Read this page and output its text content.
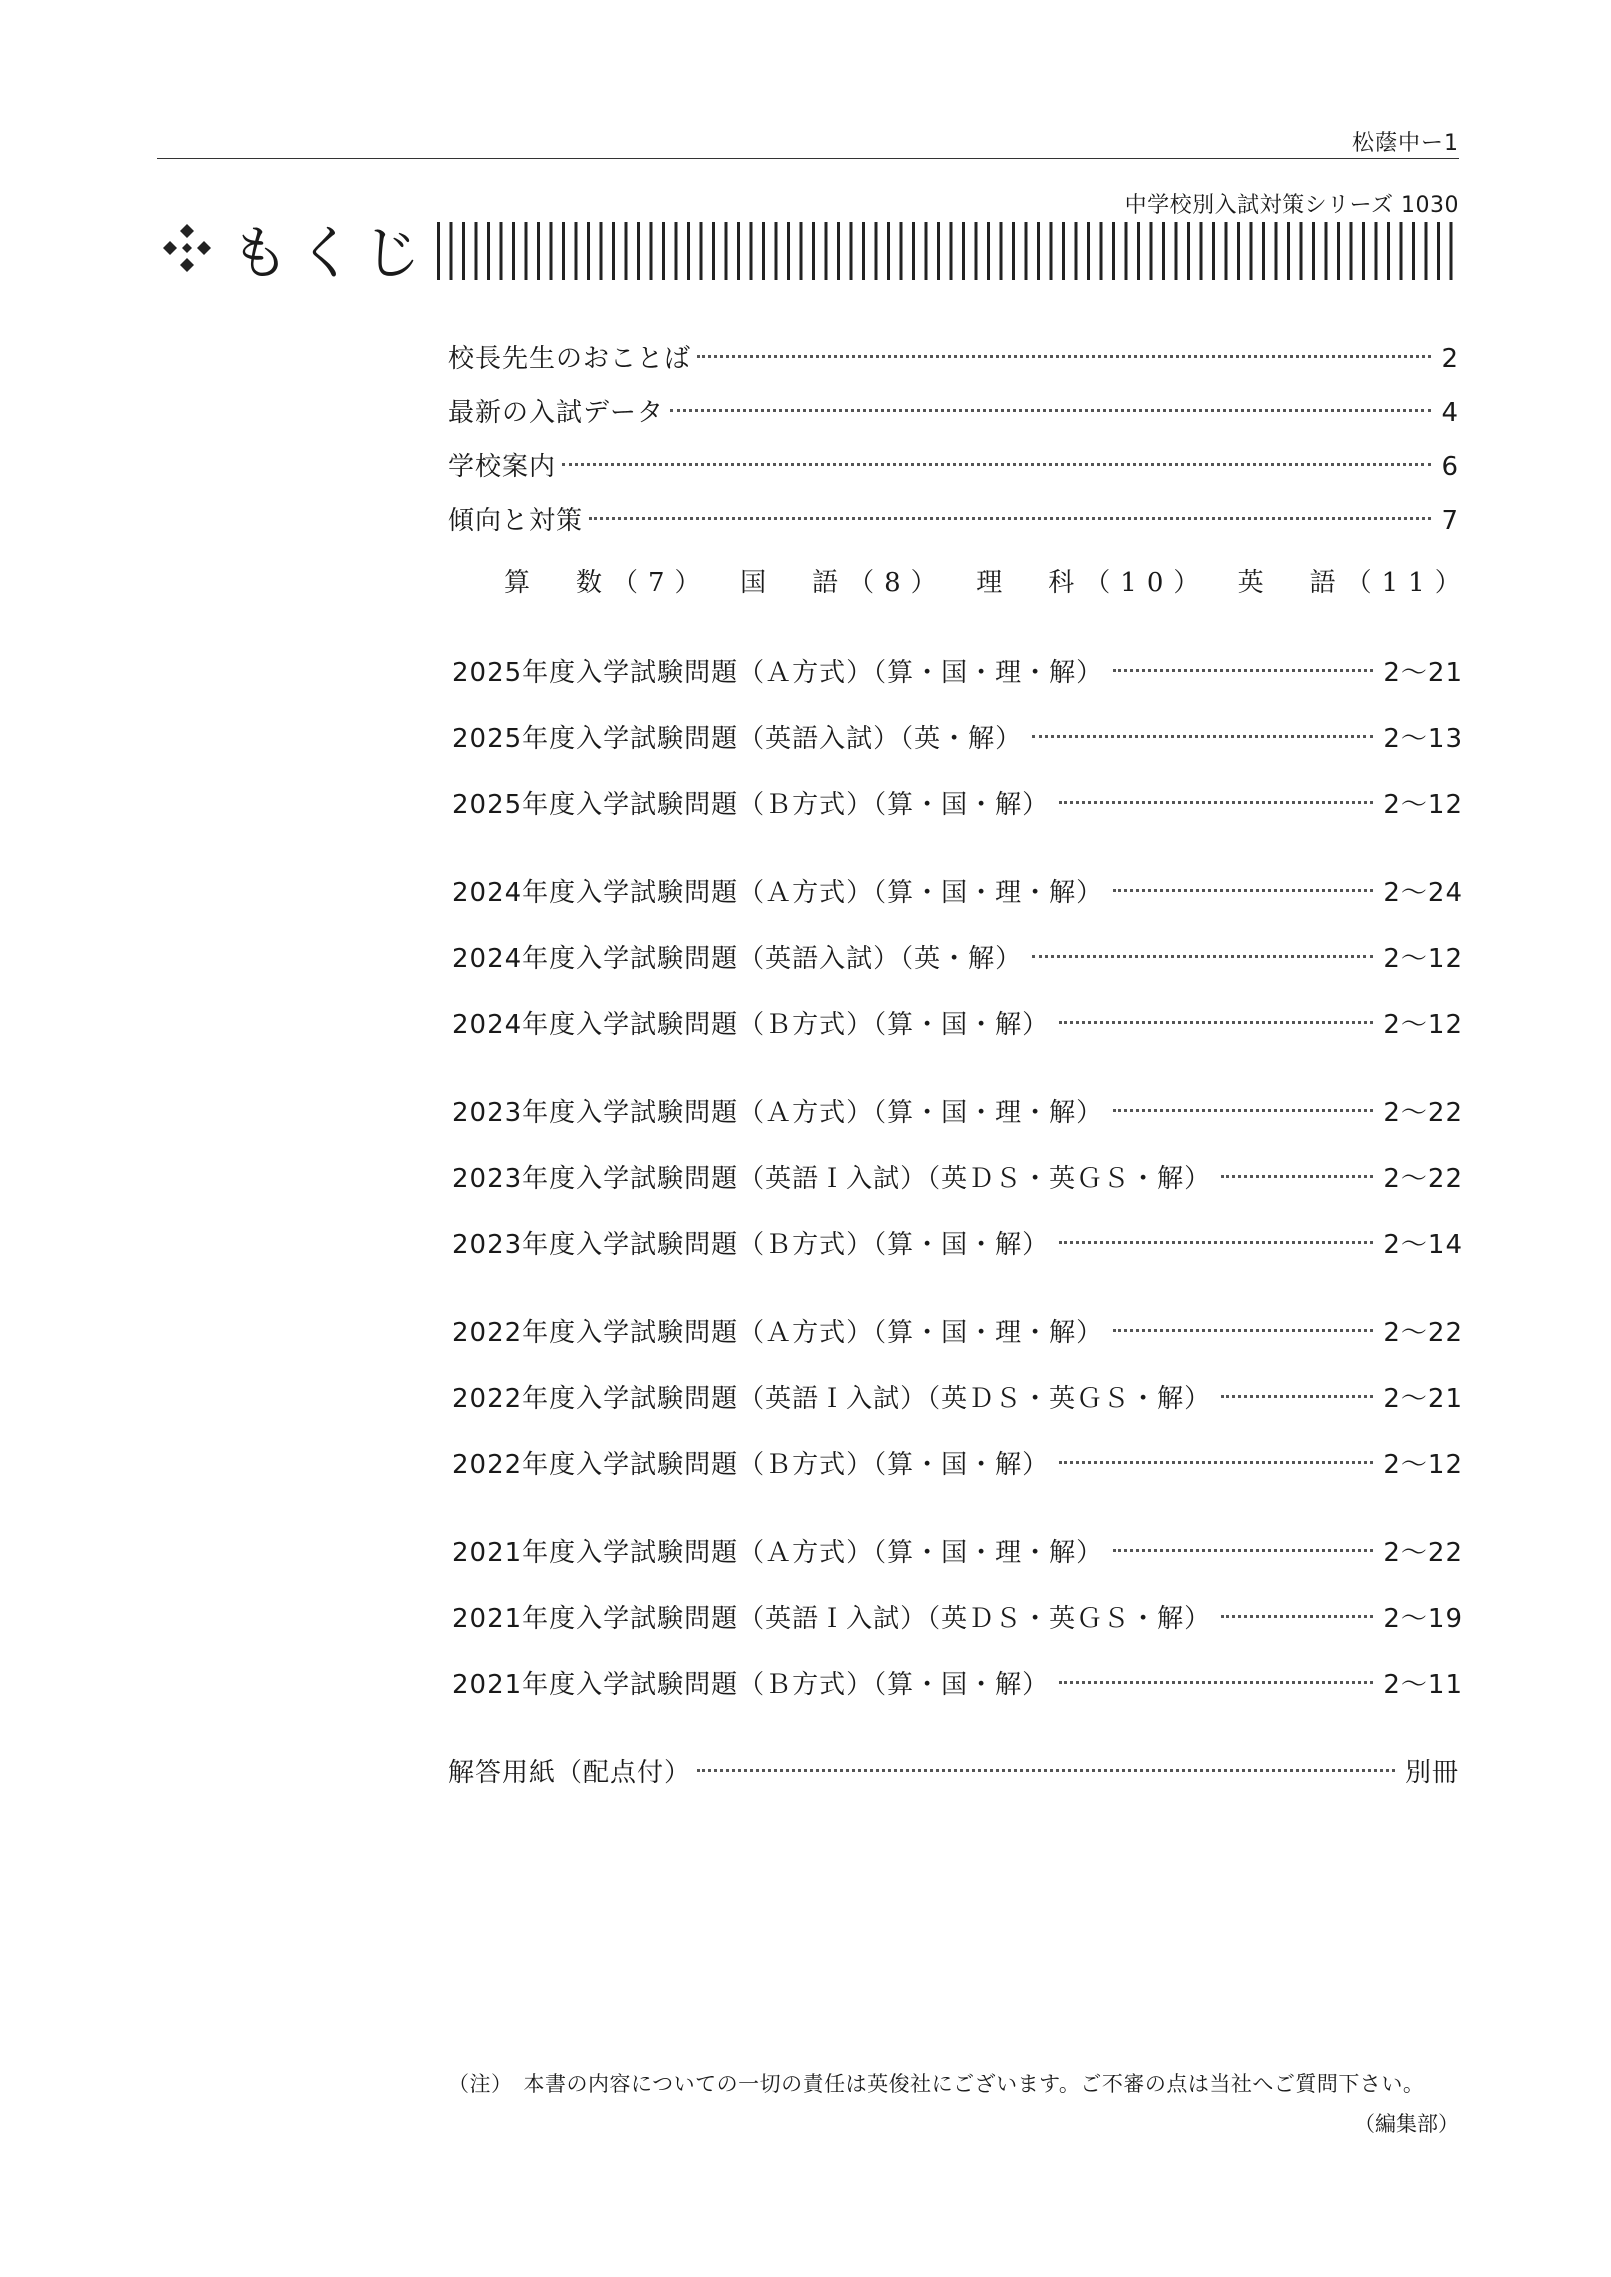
松蔭中ー1
中学校別入試対策シリーズ 1030
もくじ
校長先生のおことば	2
最新の入試データ	4
学校案内	6
傾向と対策	7
算　数（7） 国　語（8） 理　科（10） 英　語（11）
2025年度入学試験問題（Ａ方式）（算・国・理・解）	2〜21
2025年度入学試験問題（英語入試）（英・解）	2〜13
2025年度入学試験問題（Ｂ方式）（算・国・解）	2〜12
2024年度入学試験問題（Ａ方式）（算・国・理・解）	2〜24
2024年度入学試験問題（英語入試）（英・解）	2〜12
2024年度入学試験問題（Ｂ方式）（算・国・解）	2〜12
2023年度入学試験問題（Ａ方式）（算・国・理・解）	2〜22
2023年度入学試験問題（英語Ｉ入試）（英ＤＳ・英ＧＳ・解）	2〜22
2023年度入学試験問題（Ｂ方式）（算・国・解）	2〜14
2022年度入学試験問題（Ａ方式）（算・国・理・解）	2〜22
2022年度入学試験問題（英語Ｉ入試）（英ＤＳ・英ＧＳ・解）	2〜21
2022年度入学試験問題（Ｂ方式）（算・国・解）	2〜12
2021年度入学試験問題（Ａ方式）（算・国・理・解）	2〜22
2021年度入学試験問題（英語Ｉ入試）（英ＤＳ・英ＧＳ・解）	2〜19
2021年度入学試験問題（Ｂ方式）（算・国・解）	2〜11
解答用紙（配点付）	別冊
（注）　本書の内容についての一切の責任は英俊社にございます。ご不審の点は当社へご質問下さい。
（編集部）
